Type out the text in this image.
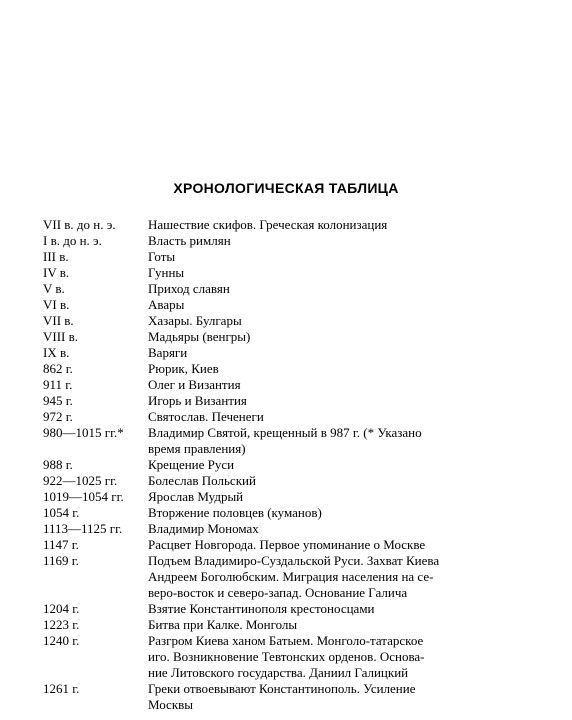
ХРОНОЛОГИЧЕСКАЯ ТАБЛИЦА
VII в. до н. э.	Нашествие скифов. Греческая колонизация
I в. до н. э.	Власть римлян
III в.	Готы
IV в.	Гунны
V в.	Приход славян
VI в.	Авары
VII в.	Хазары. Булгары
VIII в.	Мадьяры (венгры)
IX в.	Варяги
862 г.	Рюрик, Киев
911 г.	Олег и Византия
945 г.	Игорь и Византия
972 г.	Святослав. Печенеги
980—1015 гг.*	Владимир Святой, крещенный в 987 г. (* Указано
время правления)
988 г.	Крещение Руси
922—1025 гг.	Болеслав Польский
1019—1054 гг.	Ярослав Мудрый
1054 г.	Вторжение половцев (куманов)
1113—1125 гг.	Владимир Мономах
1147 г.	Расцвет Новгорода. Первое упоминание о Москве
1169 г.	Подъем Владимиро-Суздальской Руси. Захват Киева
Андреем Боголюбским. Миграция населения на се-
веро-восток и северо-запад. Основание Галича
1204 г.	Взятие Константинополя крестоносцами
1223 г.	Битва при Калке. Монголы
1240 г.	Разгром Киева ханом Батыем. Монголо-татарское
иго. Возникновение Тевтонских орденов. Основа-
ние Литовского государства. Даниил Галицкий
1261 г.	Греки отвоевывают Константинополь. Усиление
Москвы
